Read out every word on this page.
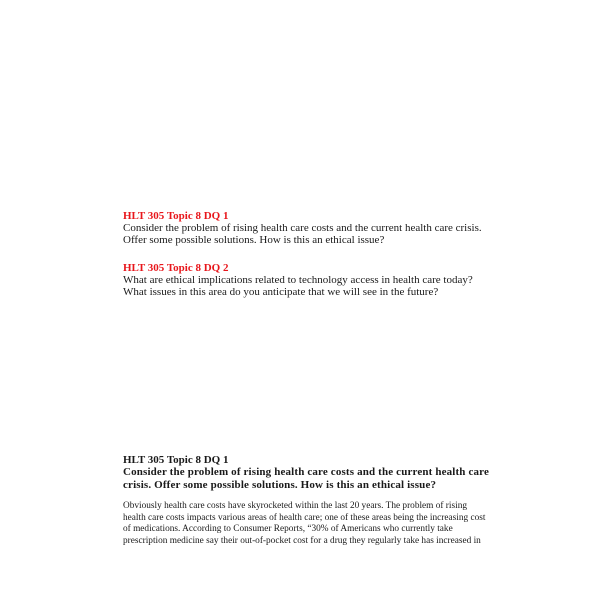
HLT 305 Topic 8 DQ 1

Consider the problem of rising health care costs and the current health care crisis.

Offer some possible solutions. How is this an ethical issue?

HLT 305 Topic 8 DQ 2

What are ethical implications related to technology access in health care today?

What issues in this area do you anticipate that we will see in the future?

HLT 305 Topic 8 DQ 1

Consider the problem of rising health care costs and the current health care

crisis. Offer some possible solutions. How is this an ethical issue?

Obviously health care costs have skyrocketed within the last 20 years. The problem of rising

health care costs impacts various areas of health care; one of these areas being the increasing cost

of medications. According to Consumer Reports, “30% of Americans who currently take

prescription medicine say their out-of-pocket cost for a drug they regularly take has increased in
